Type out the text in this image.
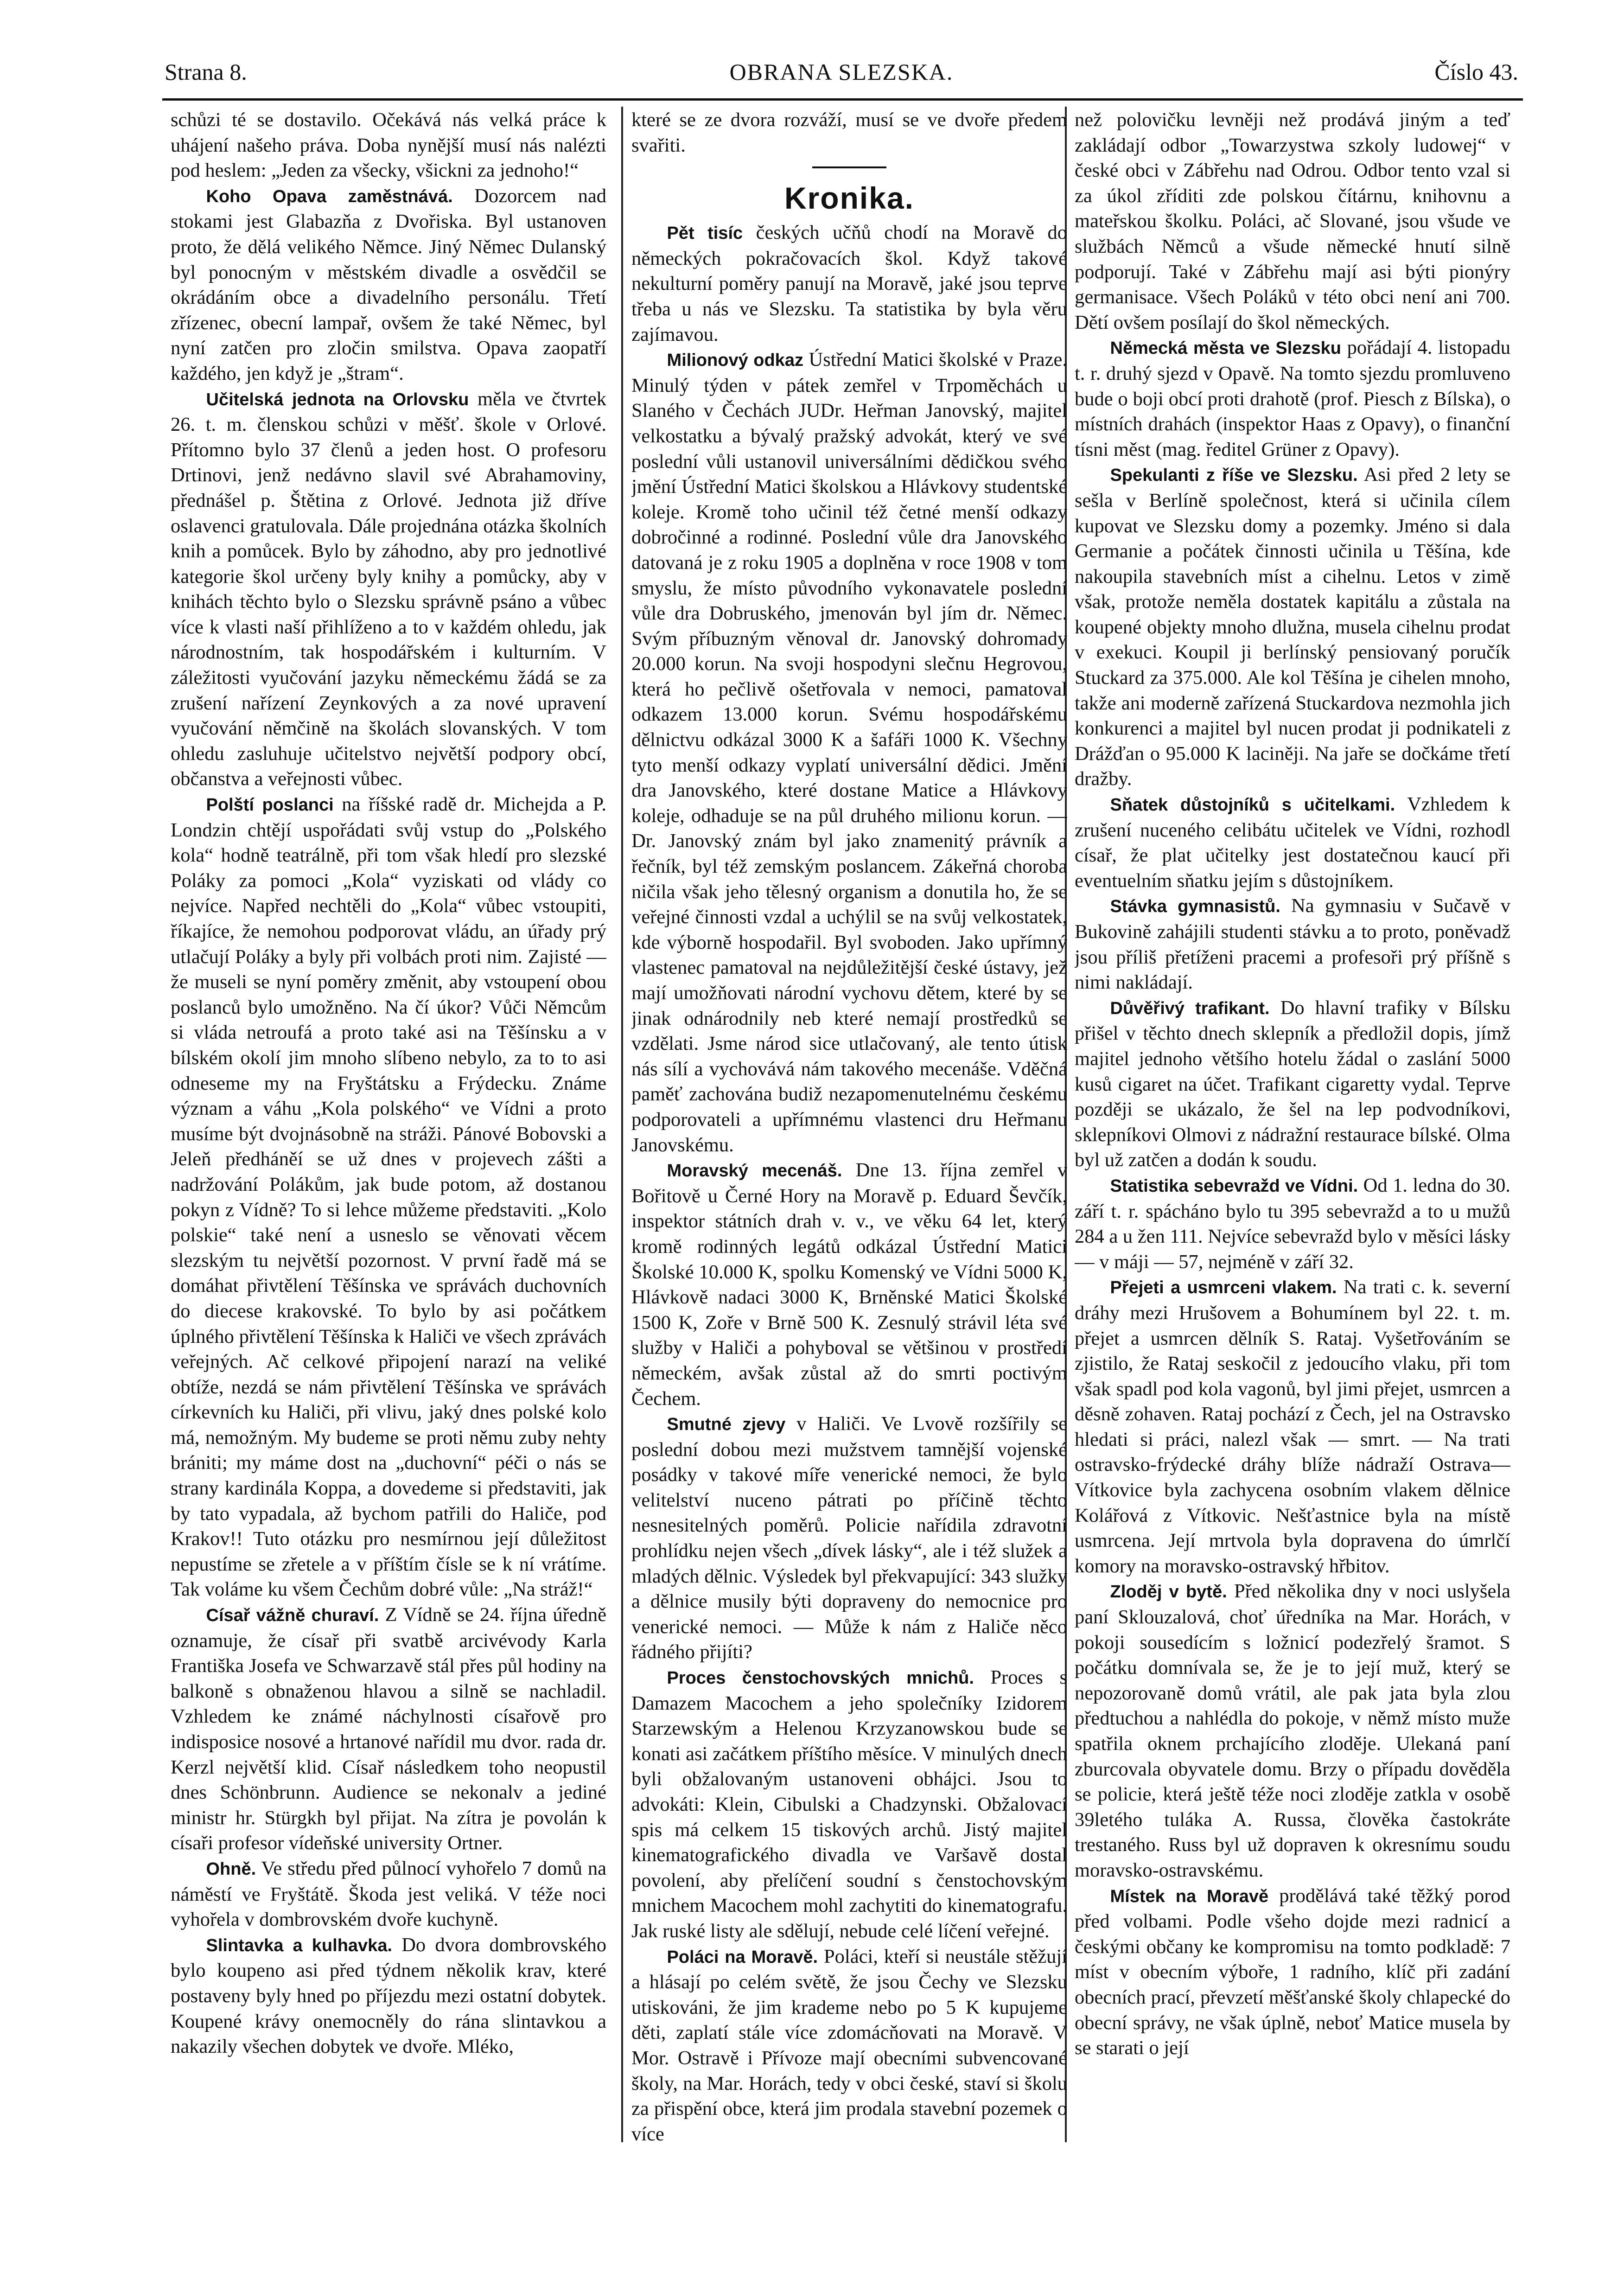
Strana 8.	OBRANA SLEZSKA.	Číslo 43.

schůzi té se dostavilo. Očekává nás velká práce k uhájení našeho práva. Doba nynější musí nás nalézti pod heslem: „Jeden za všecky, všickni za jednoho!“

Koho Opava zaměstnává. Dozorcem nad stokami jest Glabazňa z Dvořiska. Byl ustanoven proto, že dělá velikého Němce. Jiný Němec Dulanský byl ponocným v městském divadle a osvědčil se okrádáním obce a divadelního personálu. Třetí zřízenec, obecní lampař, ovšem že také Němec, byl nyní zatčen pro zločin smilstva. Opava zaopatří každého, jen když je „štram“.

Učitelská jednota na Orlovsku měla ve čtvrtek 26. t. m. členskou schůzi v měšť. škole v Orlové. Přítomno bylo 37 členů a jeden host. O profesoru Drtinovi, jenž nedávno slavil své Abrahamoviny, přednášel p. Štětina z Orlové. Jednota již dříve oslavenci gratulovala. Dále projednána otázka školních knih a pomůcek. Bylo by záhodno, aby pro jednotlivé kategorie škol určeny byly knihy a pomůcky, aby v knihách těchto bylo o Slezsku správně psáno a vůbec více k vlasti naší přihlíženo a to v každém ohledu, jak národnostním, tak hospodářském i kulturním. V záležitosti vyučování jazyku německému žádá se za zrušení nařízení Zeynkových a za nové upravení vyučování němčině na školách slovanských. V tom ohledu zasluhuje učitelstvo největší podpory obcí, občanstva a veřejnosti vůbec.

Polští poslanci na říšské radě dr. Michejda a P. Londzin chtějí uspořádati svůj vstup do „Polského kola“ hodně teatrálně, při tom však hledí pro slezské Poláky za pomoci „Kola“ vyziskati od vlády co nejvíce. Napřed nechtěli do „Kola“ vůbec vstoupiti, říkajíce, že nemohou podporovat vládu, an úřady prý utlačují Poláky a byly při volbách proti nim. Zajisté — že museli se nyní poměry změnit, aby vstoupení obou poslanců bylo umožněno. Na čí úkor? Vůči Němcům si vláda netroufá a proto také asi na Těšínsku a v bílském okolí jim mnoho slíbeno nebylo, za to to asi odneseme my na Fryštátsku a Frýdecku. Známe význam a váhu „Kola polského“ ve Vídni a proto musíme být dvojnásobně na stráži. Pánové Bobovski a Jeleň předháněí se už dnes v projevech zášti a nadržování Polákům, jak bude potom, až dostanou pokyn z Vídně? To si lehce můžeme představiti. „Kolo polskie“ také není a usneslo se věnovati věcem slezským tu největší pozornost. V první řadě má se domáhat přivtělení Těšínska ve správách duchovních do diecese krakovské. To bylo by asi počátkem úplného přivtělení Těšínska k Haliči ve všech zprávách veřejných. Ač celkové připojení narazí na veliké obtíže, nezdá se nám přivtělení Těšínska ve správách církevních ku Haliči, při vlivu, jaký dnes polské kolo má, nemožným. My budeme se proti němu zuby nehty brániti; my máme dost na „duchovní“ péči o nás se strany kardinála Koppa, a dovedeme si představiti, jak by tato vypadala, až bychom patřili do Haliče, pod Krakov!! Tuto otázku pro nesmírnou její důležitost nepustíme se zřetele a v příštím čísle se k ní vrátíme. Tak voláme ku všem Čechům dobré vůle: „Na stráž!“

Císař vážně churaví. Z Vídně se 24. října úředně oznamuje, že císař při svatbě arcivévody Karla Františka Josefa ve Schwarzavě stál přes půl hodiny na balkoně s obnaženou hlavou a silně se nachladil. Vzhledem ke známé náchylnosti císařově pro indisposice nosové a hrtanové nařídil mu dvor. rada dr. Kerzl největší klid. Císař následkem toho neopustil dnes Schönbrunn. Audience se nekonalv a jediné ministr hr. Stürgkh byl přijat. Na zítra je povolán k císaři profesor vídeňské university Ortner.

Ohně. Ve středu před půlnocí vyhořelo 7 domů na náměstí ve Fryštátě. Škoda jest veliká. V téže noci vyhořela v dombrovském dvoře kuchyně.

Slintavka a kulhavka. Do dvora dombrovského bylo koupeno asi před týdnem několik krav, které postaveny byly hned po příjezdu mezi ostatní dobytek. Koupené krávy onemocněly do rána slintavkou a nakazily všechen dobytek ve dvoře. Mléko,

které se ze dvora rozváží, musí se ve dvoře předem svařiti.

Kronika.

Pět tisíc českých učňů chodí na Moravě do německých pokračovacích škol. Když takové nekulturní poměry panují na Moravě, jaké jsou teprve třeba u nás ve Slezsku. Ta statistika by byla věru zajímavou.

Milionový odkaz Ústřední Matici školské v Praze. Minulý týden v pátek zemřel v Trpoměchách u Slaného v Čechách JUDr. Heřman Janovský, majitel velkostatku a bývalý pražský advokát, který ve své poslední vůli ustanovil universálními dědičkou svého jmění Ústřední Matici školskou a Hlávkovy studentské koleje. Kromě toho učinil též četné menší odkazy dobročinné a rodinné. Poslední vůle dra Janovského datovaná je z roku 1905 a doplněna v roce 1908 v tom smyslu, že místo původního vykonavatele poslední vůle dra Dobruského, jmenován byl jím dr. Němec. Svým příbuzným věnoval dr. Janovský dohromady 20.000 korun. Na svoji hospodyni slečnu Hegrovou, která ho pečlivě ošetřovala v nemoci, pamatoval odkazem 13.000 korun. Svému hospodářskému dělnictvu odkázal 3000 K a šafáři 1000 K. Všechny tyto menší odkazy vyplatí universální dědici. Jmění dra Janovského, které dostane Matice a Hlávkovy koleje, odhaduje se na půl druhého milionu korun. — Dr. Janovský znám byl jako znamenitý právník a řečník, byl též zemským poslancem. Zákeřná choroba ničila však jeho tělesný organism a donutila ho, že se veřejné činnosti vzdal a uchýlil se na svůj velkostatek, kde výborně hospodařil. Byl svoboden. Jako upřímný vlastenec pamatoval na nejdůležitější české ústavy, jež mají umožňovati národní vychovu dětem, které by se jinak odnárodnily neb které nemají prostředků se vzdělati. Jsme národ sice utlačovaný, ale tento útisk nás sílí a vychovává nám takového mecenáše. Vděčná paměť zachována budiž nezapomenutelnému českému podporovateli a upřímnému vlastenci dru Heřmanu Janovskému.

Moravský mecenáš. Dne 13. října zemřel v Bořitově u Černé Hory na Moravě p. Eduard Ševčík, inspektor státních drah v. v., ve věku 64 let, který kromě rodinných legátů odkázal Ústřední Matici Školské 10.000 K, spolku Komenský ve Vídni 5000 K, Hlávkově nadaci 3000 K, Brněnské Matici Školské 1500 K, Zoře v Brně 500 K. Zesnulý strávil léta své služby v Haliči a pohyboval se většinou v prostředí německém, avšak zůstal až do smrti poctivým Čechem.

Smutné zjevy v Haliči. Ve Lvově rozšířily se poslední dobou mezi mužstvem tamnější vojenské posádky v takové míře venerické nemoci, že bylo velitelství nuceno pátrati po příčině těchto nesnesitelných poměrů. Policie nařídila zdravotní prohlídku nejen všech „dívek lásky“, ale i též služek a mladých dělnic. Výsledek byl překvapující: 343 služky a dělnice musily býti dopraveny do nemocnice pro venerické nemoci. — Může k nám z Haliče něco řádného přijíti?

Proces čenstochovských mnichů. Proces s Damazem Macochem a jeho společníky Izidorem Starzewským a Helenou Krzyzanowskou bude se konati asi začátkem příštího měsíce. V minulých dnech byli obžalovaným ustanoveni obhájci. Jsou to advokáti: Klein, Cibulski a Chadzynski. Obžalovací spis má celkem 15 tiskových archů. Jistý majitel kinematografického divadla ve Varšavě dostal povolení, aby přelíčení soudní s čenstochovským mnichem Macochem mohl zachytiti do kinematografu. Jak ruské listy ale sdělují, nebude celé líčení veřejné.

Poláci na Moravě. Poláci, kteří si neustále stěžují a hlásají po celém světě, že jsou Čechy ve Slezsku utiskováni, že jim krademe nebo po 5 K kupujeme děti, zaplatí stále více zdomácňovati na Moravě. V Mor. Ostravě i Přívoze mají obecními subvencované školy, na Mar. Horách, tedy v obci české, staví si školu za přispění obce, která jim prodala stavební pozemek o více

než polovičku levněji než prodává jiným a teď zakládají odbor „Towarzystwa szkoly ludowej“ v české obci v Zábřehu nad Odrou. Odbor tento vzal si za úkol zříditi zde polskou čítárnu, knihovnu a mateřskou školku. Poláci, ač Slované, jsou všude ve službách Němců a všude německé hnutí silně podporují. Také v Zábřehu mají asi býti pionýry germanisace. Všech Poláků v této obci není ani 700. Dětí ovšem posílají do škol německých.

Německá města ve Slezsku pořádají 4. listopadu t. r. druhý sjezd v Opavě. Na tomto sjezdu promluveno bude o boji obcí proti drahotě (prof. Piesch z Bílska), o místních drahách (inspektor Haas z Opavy), o finanční tísni měst (mag. ředitel Grüner z Opavy).

Spekulanti z říše ve Slezsku. Asi před 2 lety se sešla v Berlíně společnost, která si učinila cílem kupovat ve Slezsku domy a pozemky. Jméno si dala Germanie a počátek činnosti učinila u Těšína, kde nakoupila stavebních míst a cihelnu. Letos v zimě však, protože neměla dostatek kapitálu a zůstala na koupené objekty mnoho dlužna, musela cihelnu prodat v exekuci. Koupil ji berlínský pensiovaný poručík Stuckard za 375.000. Ale kol Těšína je cihelen mnoho, takže ani moderně zařízená Stuckardova nezmohla jich konkurenci a majitel byl nucen prodat ji podnikateli z Drážďan o 95.000 K laciněji. Na jaře se dočkáme třetí dražby.

Sňatek důstojníků s učitelkami. Vzhledem k zrušení nuceného celibátu učitelek ve Vídni, rozhodl císař, že plat učitelky jest dostatečnou kaucí při eventuelním sňatku jejím s důstojníkem.

Stávka gymnasistů. Na gymnasiu v Sučavě v Bukovině zahájili studenti stávku a to proto, poněvadž jsou příliš přetíženi pracemi a profesoři prý příšně s nimi nakládají.

Důvěřivý trafikant. Do hlavní trafiky v Bílsku přišel v těchto dnech sklepník a předložil dopis, jímž majitel jednoho většího hotelu žádal o zaslání 5000 kusů cigaret na účet. Trafikant cigaretty vydal. Teprve později se ukázalo, že šel na lep podvodníkovi, sklepníkovi Olmovi z nádražní restaurace bílské. Olma byl už zatčen a dodán k soudu.

Statistika sebevražd ve Vídni. Od 1. ledna do 30. září t. r. spácháno bylo tu 395 sebevražd a to u mužů 284 a u žen 111. Nejvíce sebevražd bylo v měsíci lásky — v máji — 57, nejméně v září 32.

Přejeti a usmrceni vlakem. Na trati c. k. severní dráhy mezi Hrušovem a Bohumínem byl 22. t. m. přejet a usmrcen dělník S. Rataj. Vyšetřováním se zjistilo, že Rataj seskočil z jedoucího vlaku, při tom však spadl pod kola vagonů, byl jimi přejet, usmrcen a děsně zohaven. Rataj pochází z Čech, jel na Ostravsko hledati si práci, nalezl však — smrt. — Na trati ostravsko-frýdecké dráhy blíže nádraží Ostrava—Vítkovice byla zachycena osobním vlakem dělnice Kolářová z Vítkovic. Nešťastnice byla na místě usmrcena. Její mrtvola byla dopravena do úmrlčí komory na moravsko-ostravský hřbitov.

Zloděj v bytě. Před několika dny v noci uslyšela paní Sklouzalová, choť úředníka na Mar. Horách, v pokoji sousedícím s ložnicí podezřelý šramot. S počátku domnívala se, že je to její muž, který se nepozorovaně domů vrátil, ale pak jata byla zlou předtuchou a nahlédla do pokoje, v němž místo muže spatřila oknem prchajícího zloděje. Ulekaná paní zburcovala obyvatele domu. Brzy o případu dověděla se policie, která ještě téže noci zloděje zatkla v osobě 39letého tuláka A. Russa, člověka častokráte trestaného. Russ byl už dopraven k okresnímu soudu moravsko-ostravskému.

Místek na Moravě prodělává také těžký porod před volbami. Podle všeho dojde mezi radnicí a českými občany ke kompromisu na tomto podkladě: 7 míst v obecním výboře, 1 radního, klíč při zadání obecních prací, převzetí měšťanské školy chlapecké do obecní správy, ne však úplně, neboť Matice musela by se starati o její
